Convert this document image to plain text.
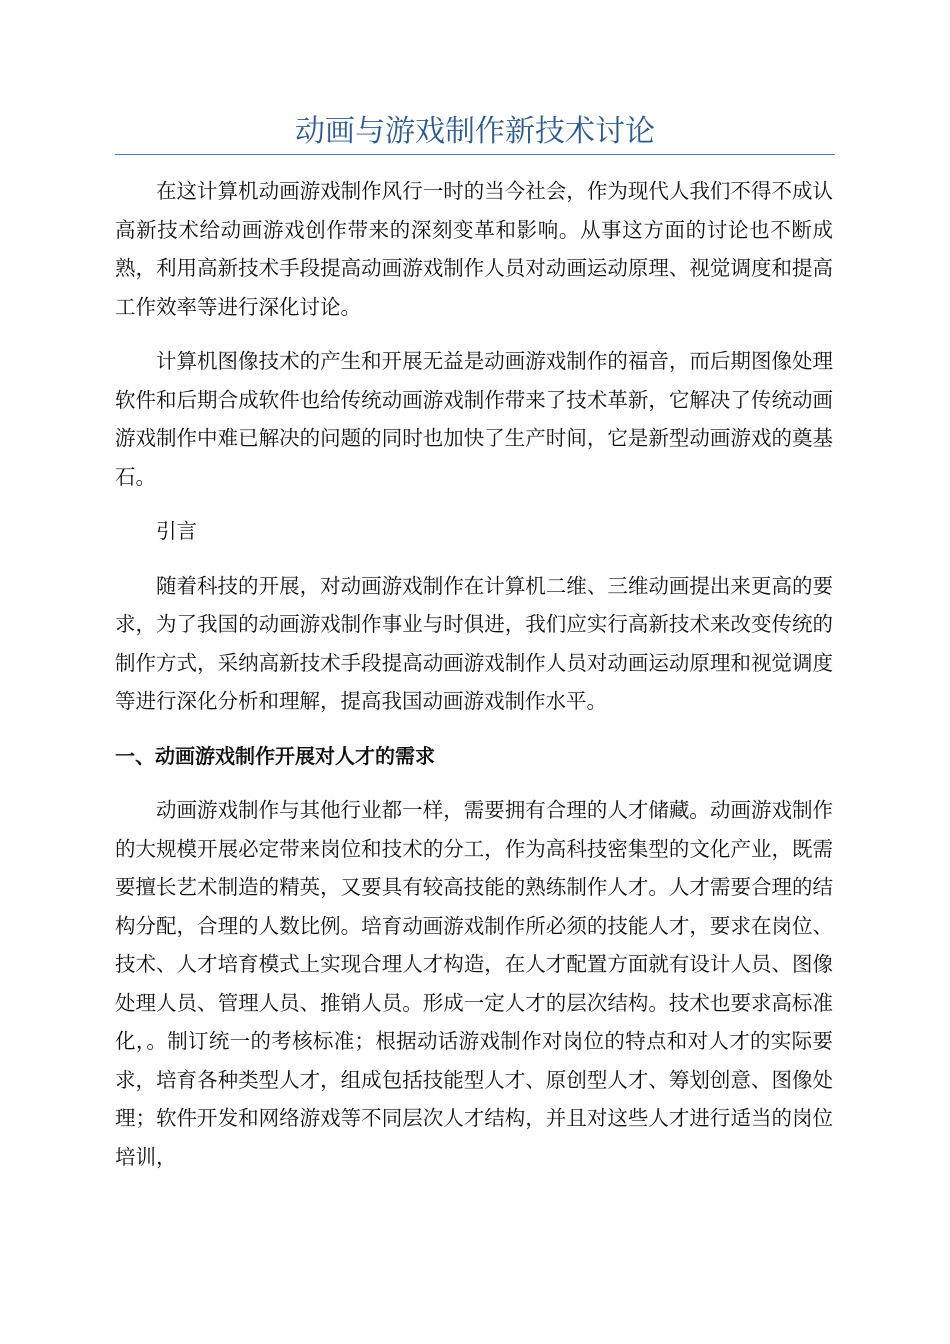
动画与游戏制作新技术讨论

在这计算机动画游戏制作风行一时的当今社会，作为现代人我们不得不成认高新技术给动画游戏创作带来的深刻变革和影响。从事这方面的讨论也不断成熟，利用高新技术手段提高动画游戏制作人员对动画运动原理、视觉调度和提高工作效率等进行深化讨论。

计算机图像技术的产生和开展无益是动画游戏制作的福音，而后期图像处理软件和后期合成软件也给传统动画游戏制作带来了技术革新，它解决了传统动画游戏制作中难已解决的问题的同时也加快了生产时间，它是新型动画游戏的奠基石。

引言

随着科技的开展，对动画游戏制作在计算机二维、三维动画提出来更高的要求，为了我国的动画游戏制作事业与时俱进，我们应实行高新技术来改变传统的制作方式，采纳高新技术手段提高动画游戏制作人员对动画运动原理和视觉调度等进行深化分析和理解，提高我国动画游戏制作水平。

一、动画游戏制作开展对人才的需求

动画游戏制作与其他行业都一样，需要拥有合理的人才储藏。动画游戏制作的大规模开展必定带来岗位和技术的分工，作为高科技密集型的文化产业，既需要擅长艺术制造的精英，又要具有较高技能的熟练制作人才。人才需要合理的结构分配，合理的人数比例。培育动画游戏制作所必须的技能人才，要求在岗位、技术、人才培育模式上实现合理人才构造，在人才配置方面就有设计人员、图像处理人员、管理人员、推销人员。形成一定人才的层次结构。技术也要求高标准化，。制订统一的考核标准；根据动话游戏制作对岗位的特点和对人才的实际要求，培育各种类型人才，组成包括技能型人才、原创型人才、筹划创意、图像处理；软件开发和网络游戏等不同层次人才结构，并且对这些人才进行适当的岗位培训，
